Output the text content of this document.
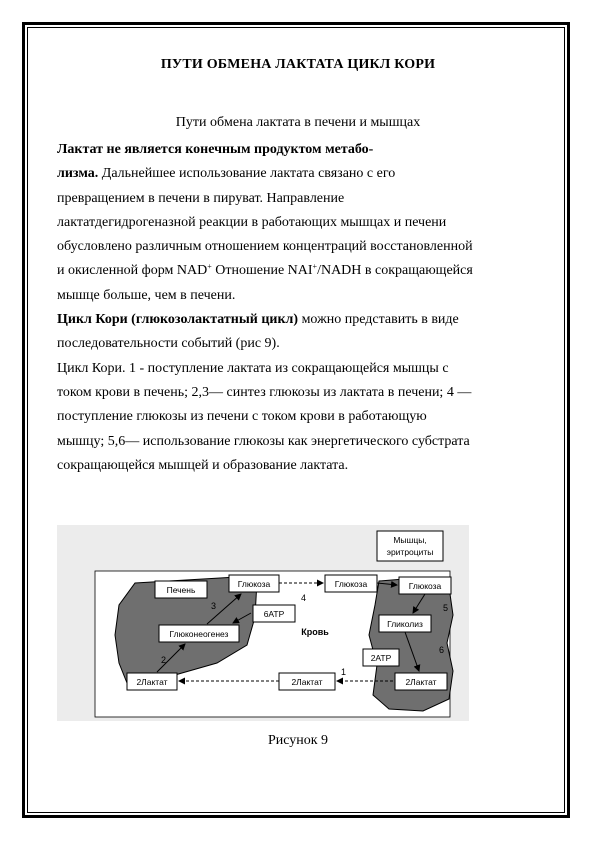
ПУТИ ОБМЕНА ЛАКТАТА ЦИКЛ КОРИ
Пути обмена лактата в печени и мышцах

Лактат не является конечным продуктом метабо-

лизма. Дальнейшее использование лактата связано с его

превращением в печени в пируват. Направление

лактатдегидрогеназной реакции в работающих мышцах и печени

обусловлено различным отношением концентраций восстановленной

и окисленной форм NAD+ Отношение NAI+/NADH в сокращающейся

мышце больше, чем в печени.

Цикл Кори (глюкозолактатный цикл) можно представить в виде

последовательности событий (рис 9).

Цикл Кори. 1 - поступление лактата из сокращающейся мышцы с

током крови в печень; 2,3— синтез глюкозы из лактата в печени; 4 —

поступление глюкозы из печени с током крови в работающую

мышцу; 5,6— использование глюкозы как энергетического субстрата

сокращающейся мышцей и образование лактата.

Печень
Глюкоза
6АТР
Глюконеогенез
2Лактат
Глюкоза
2Лактат
Мышцы,
эритроциты
Глюкоза
Гликолиз
2АТР
2Лактат
Кровь
1
2
3
4
5
6
Рисунок 9
